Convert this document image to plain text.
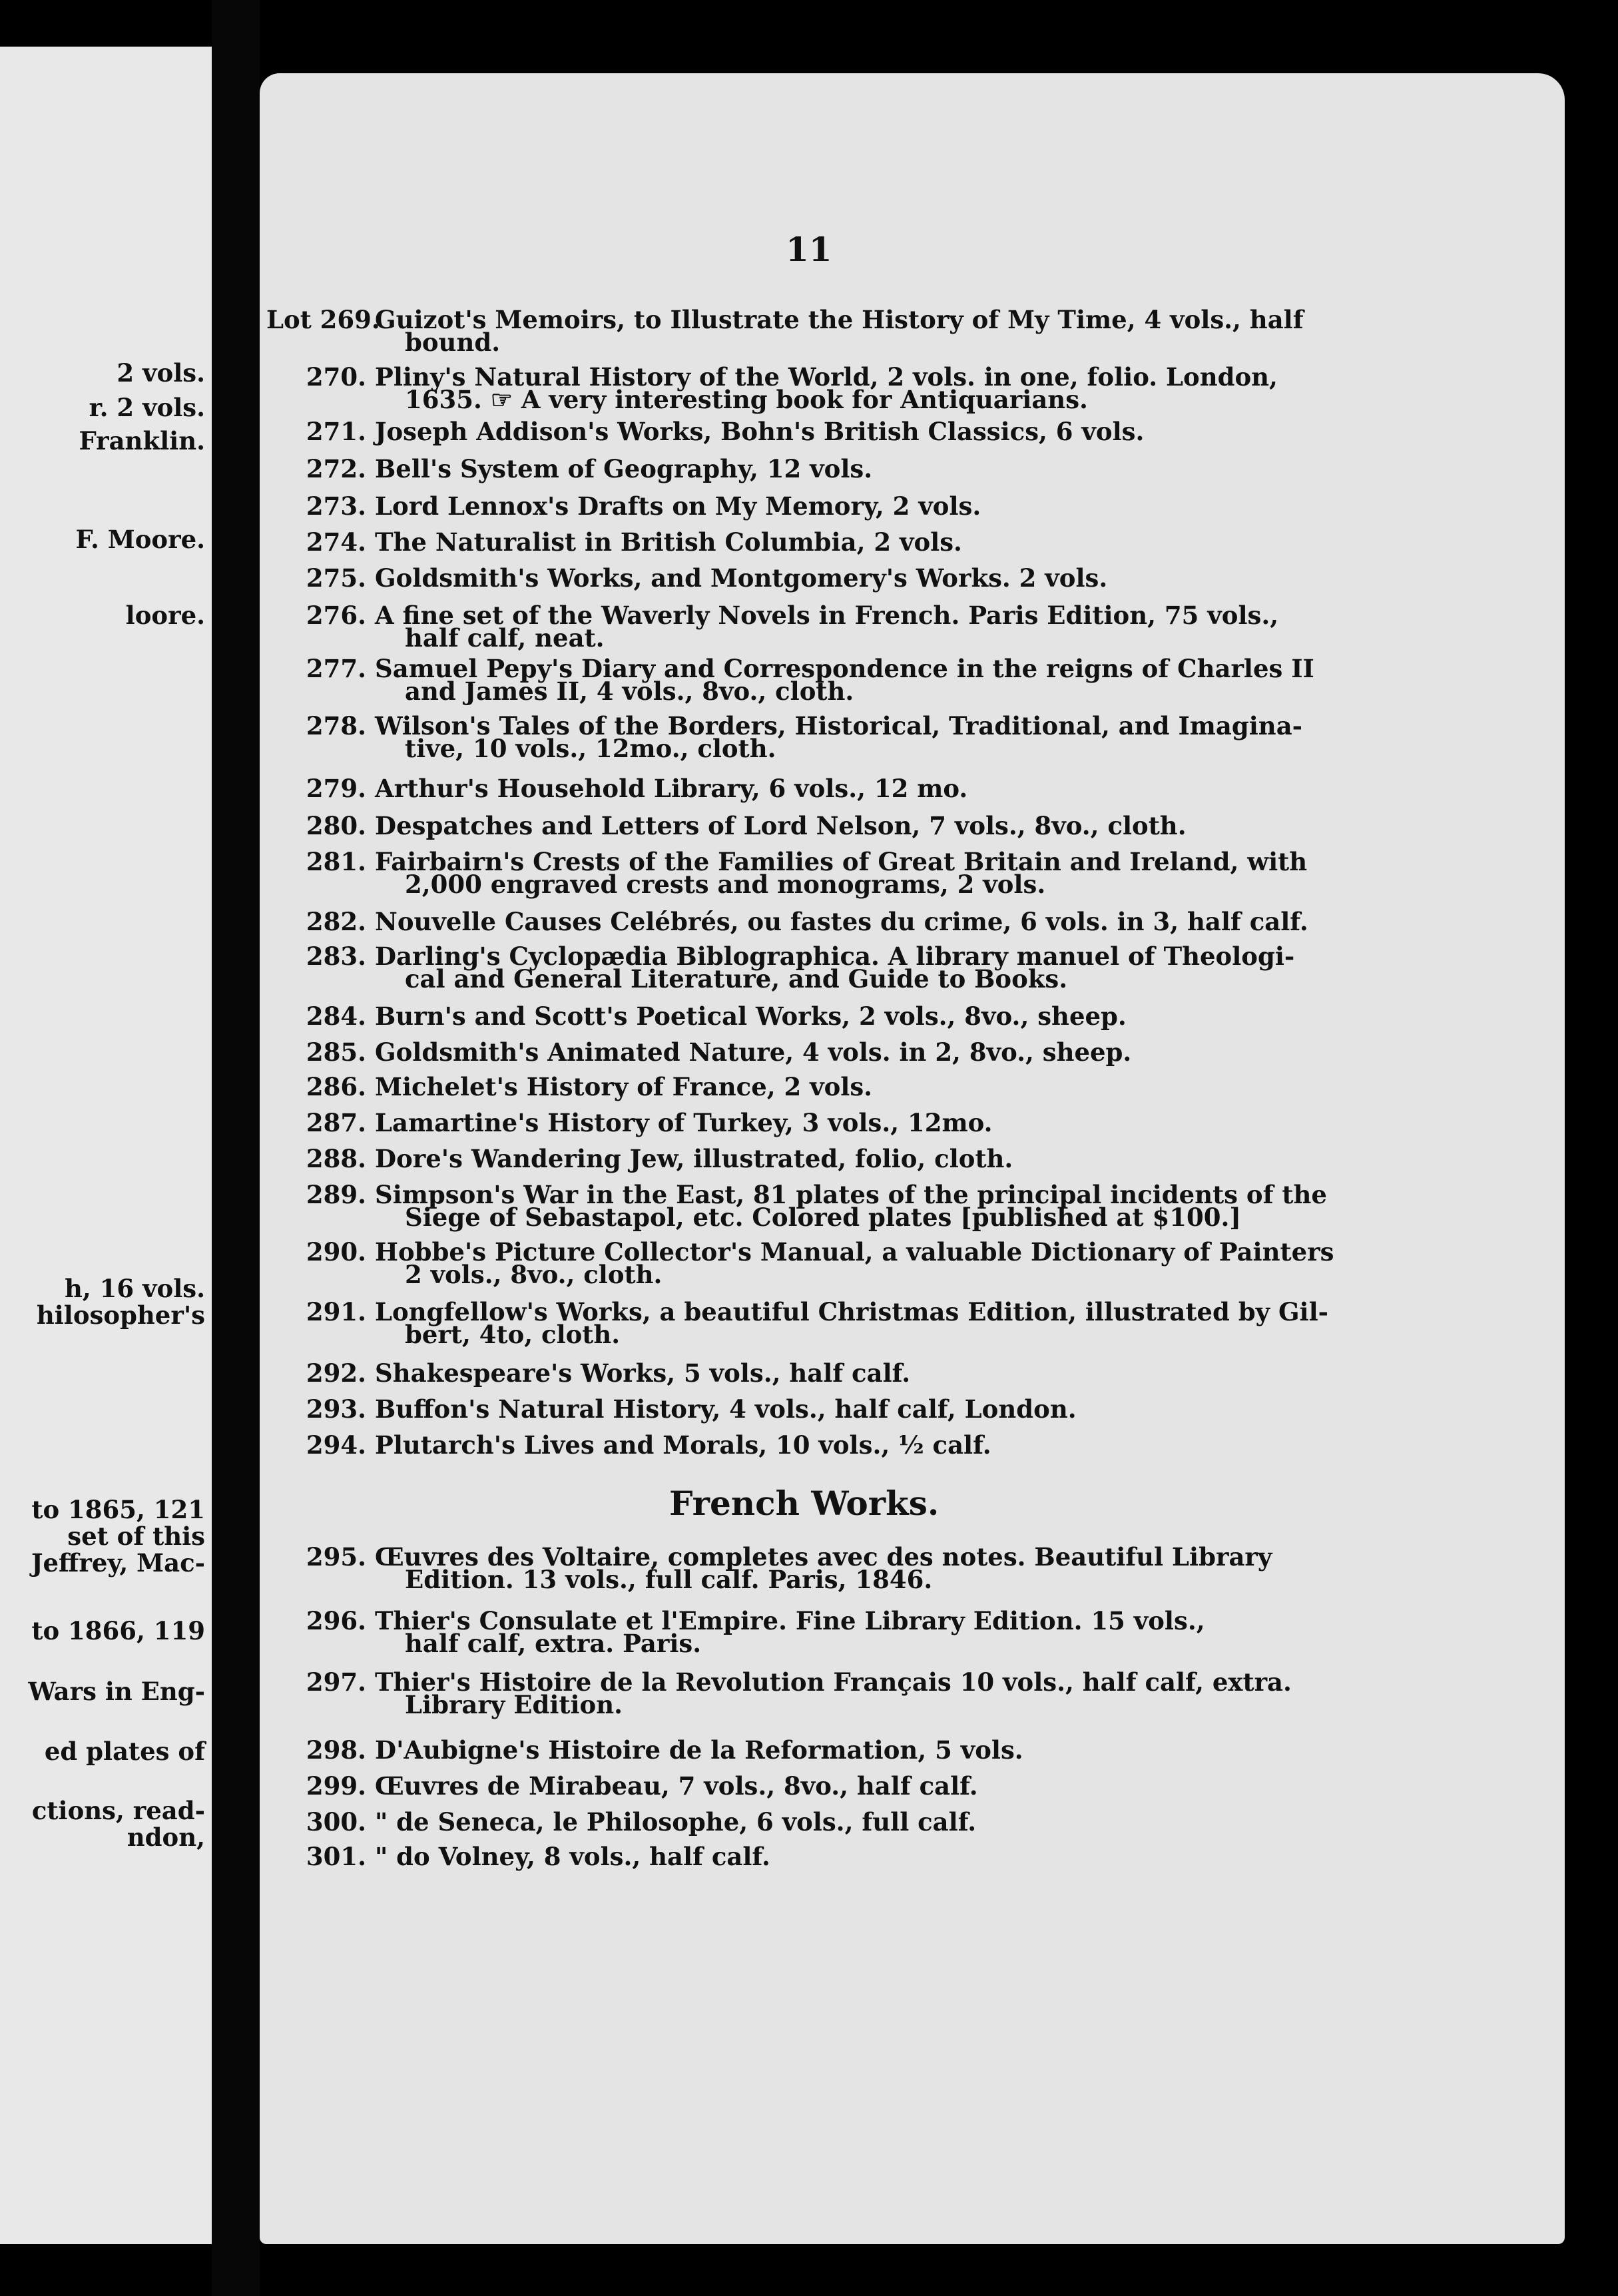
2 vols.
r. 2 vols.
Franklin.
F. Moore.
loore.
h, 16 vols.
hilosopher's
to 1865, 121
set of this
Jeffrey, Mac-
to 1866, 119
Wars in Eng-
ed plates of
ctions, read-
ndon,
11
Lot 269.
Guizot's Memoirs, to Illustrate the History of My Time, 4 vols., half
bound.
270. Pliny's Natural History of the World, 2 vols. in one, folio. London,
1635. ☞ A very interesting book for Antiquarians.
271. Joseph Addison's Works, Bohn's British Classics, 6 vols.
272. Bell's System of Geography, 12 vols.
273. Lord Lennox's Drafts on My Memory, 2 vols.
274. The Naturalist in British Columbia, 2 vols.
275. Goldsmith's Works, and Montgomery's Works. 2 vols.
276. A fine set of the Waverly Novels in French. Paris Edition, 75 vols.,
half calf, neat.
277. Samuel Pepy's Diary and Correspondence in the reigns of Charles II
and James II, 4 vols., 8vo., cloth.
278. Wilson's Tales of the Borders, Historical, Traditional, and Imagina-
tive, 10 vols., 12mo., cloth.
279. Arthur's Household Library, 6 vols., 12 mo.
280. Despatches and Letters of Lord Nelson, 7 vols., 8vo., cloth.
281. Fairbairn's Crests of the Families of Great Britain and Ireland, with
2,000 engraved crests and monograms, 2 vols.
282. Nouvelle Causes Celébrés, ou fastes du crime, 6 vols. in 3, half calf.
283. Darling's Cyclopædia Biblographica. A library manuel of Theologi-
cal and General Literature, and Guide to Books.
284. Burn's and Scott's Poetical Works, 2 vols., 8vo., sheep.
285. Goldsmith's Animated Nature, 4 vols. in 2, 8vo., sheep.
286. Michelet's History of France, 2 vols.
287. Lamartine's History of Turkey, 3 vols., 12mo.
288. Dore's Wandering Jew, illustrated, folio, cloth.
289. Simpson's War in the East, 81 plates of the principal incidents of the
Siege of Sebastapol, etc. Colored plates [published at $100.]
290. Hobbe's Picture Collector's Manual, a valuable Dictionary of Painters
2 vols., 8vo., cloth.
291. Longfellow's Works, a beautiful Christmas Edition, illustrated by Gil-
bert, 4to, cloth.
292. Shakespeare's Works, 5 vols., half calf.
293. Buffon's Natural History, 4 vols., half calf, London.
294. Plutarch's Lives and Morals, 10 vols., ½ calf.
French Works.
295. Œuvres des Voltaire, completes avec des notes. Beautiful Library
Edition. 13 vols., full calf. Paris, 1846.
296. Thier's Consulate et l'Empire. Fine Library Edition. 15 vols.,
half calf, extra. Paris.
297. Thier's Histoire de la Revolution Français 10 vols., half calf, extra.
Library Edition.
298. D'Aubigne's Histoire de la Reformation, 5 vols.
299. Œuvres de Mirabeau, 7 vols., 8vo., half calf.
300. " de Seneca, le Philosophe, 6 vols., full calf.
301. " do Volney, 8 vols., half calf.
